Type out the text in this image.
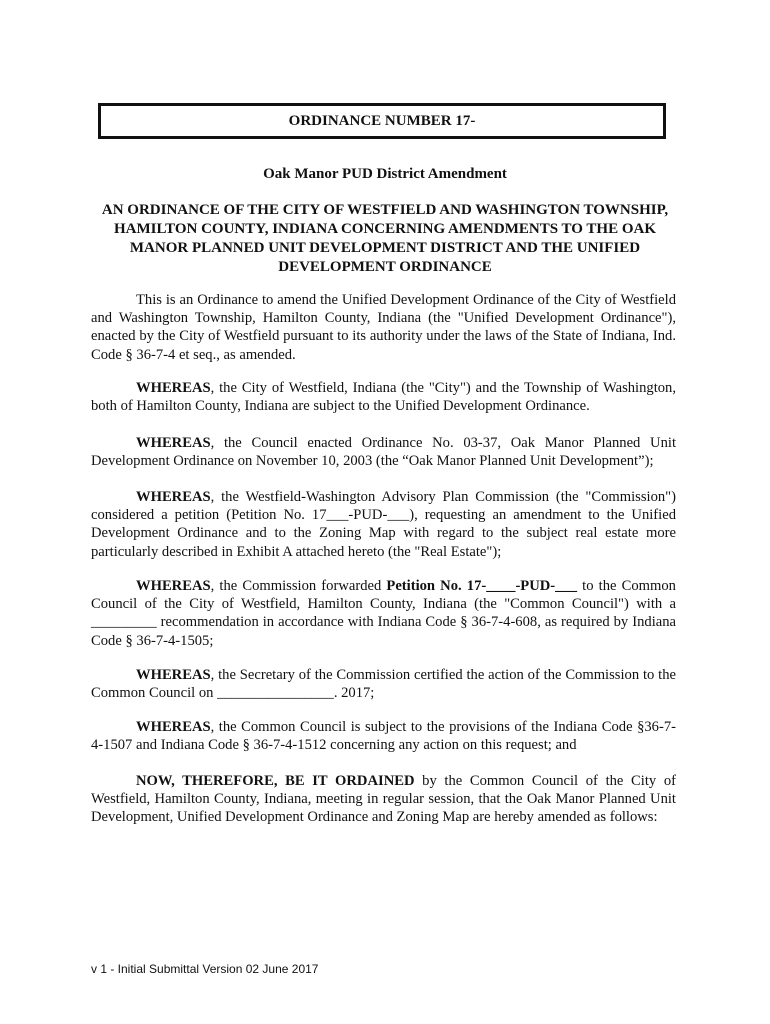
ORDINANCE NUMBER 17-
Oak Manor PUD District Amendment
AN ORDINANCE OF THE CITY OF WESTFIELD AND WASHINGTON TOWNSHIP, HAMILTON COUNTY, INDIANA CONCERNING AMENDMENTS TO THE OAK MANOR PLANNED UNIT DEVELOPMENT DISTRICT AND THE UNIFIED DEVELOPMENT ORDINANCE
This is an Ordinance to amend the Unified Development Ordinance of the City of Westfield and Washington Township, Hamilton County, Indiana (the "Unified Development Ordinance"), enacted by the City of Westfield pursuant to its authority under the laws of the State of Indiana, Ind. Code § 36-7-4 et seq., as amended.
WHEREAS, the City of Westfield, Indiana (the "City") and the Township of Washington, both of Hamilton County, Indiana are subject to the Unified Development Ordinance.
WHEREAS, the Council enacted Ordinance No. 03-37, Oak Manor Planned Unit Development Ordinance on November 10, 2003 (the “Oak Manor Planned Unit Development”);
WHEREAS, the Westfield-Washington Advisory Plan Commission (the "Commission") considered a petition (Petition No. 17___-PUD-___), requesting an amendment to the Unified Development Ordinance and to the Zoning Map with regard to the subject real estate more particularly described in Exhibit A attached hereto (the "Real Estate");
WHEREAS, the Commission forwarded Petition No. 17-____-PUD-___ to the Common Council of the City of Westfield, Hamilton County, Indiana (the "Common Council") with a _________ recommendation in accordance with Indiana Code § 36-7-4-608, as required by Indiana Code § 36-7-4-1505;
WHEREAS, the Secretary of the Commission certified the action of the Commission to the Common Council on ________________. 2017;
WHEREAS, the Common Council is subject to the provisions of the Indiana Code §36-7-4-1507 and Indiana Code § 36-7-4-1512 concerning any action on this request; and
NOW, THEREFORE, BE IT ORDAINED by the Common Council of the City of Westfield, Hamilton County, Indiana, meeting in regular session, that the Oak Manor Planned Unit Development, Unified Development Ordinance and Zoning Map are hereby amended as follows:
v 1 - Initial Submittal Version 02 June 2017
